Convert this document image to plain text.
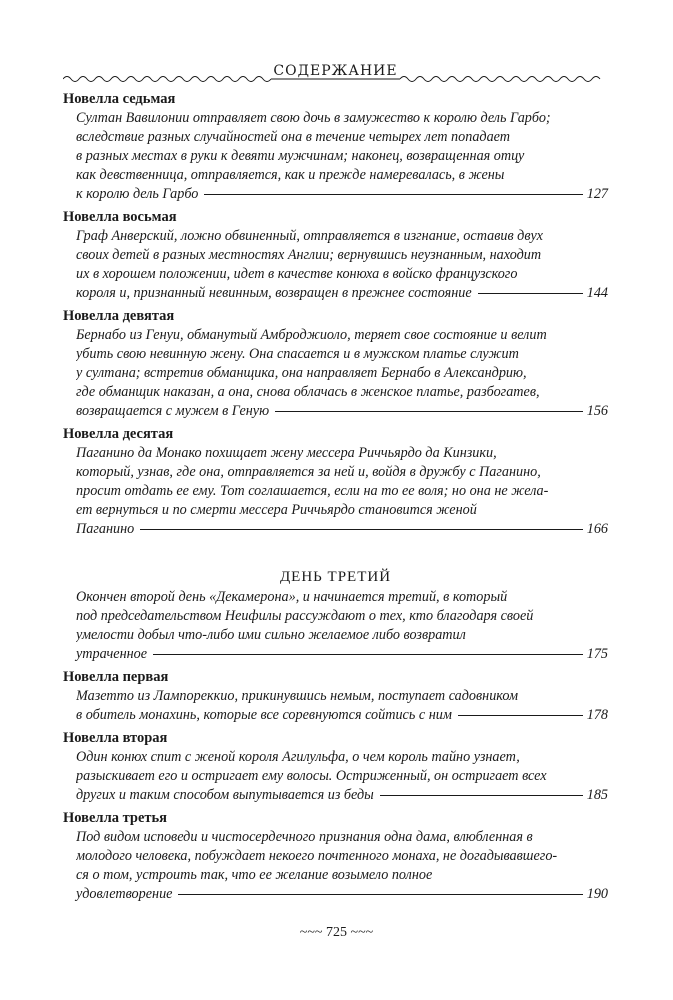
СОДЕРЖАНИЕ
Новелла седьмая
Султан Вавилонии отправляет свою дочь в замужество к королю дель Гарбо;
вследствие разных случайностей она в течение четырех лет попадает
в разных местах в руки к девяти мужчинам; наконец, возвращенная отцу
как девственница, отправляется, как и прежде намеревалась, в жены
к королю дель Гарбо	127
Новелла восьмая
Граф Анверский, ложно обвиненный, отправляется в изгнание, оставив двух
своих детей в разных местностях Англии; вернувшись неузнанным, находит
их в хорошем положении, идет в качестве конюха в войско французского
короля и, признанный невинным, возвращен в прежнее состояние	144
Новелла девятая
Бернабо из Генуи, обманутый Амброджиоло, теряет свое состояние и велит
убить свою невинную жену. Она спасается и в мужском платье служит
у султана; встретив обманщика, она направляет Бернабо в Александрию,
где обманщик наказан, а она, снова облачась в женское платье, разбогатев,
возвращается с мужем в Геную	156
Новелла десятая
Паганино да Монако похищает жену мессера Риччьярдо да Кинзики,
который, узнав, где она, отправляется за ней и, войдя в дружбу с Паганино,
просит отдать ее ему. Тот соглашается, если на то ее воля; но она не жела-
ет вернуться и по смерти мессера Риччьярдо становится женой
Паганино	166
ДЕНЬ ТРЕТИЙ
Окончен второй день «Декамерона», и начинается третий, в который
под председательством Неифилы рассуждают о тех, кто благодаря своей
умелости добыл что-либо ими сильно желаемое либо возвратил
утраченное	175
Новелла первая
Мазетто из Лампореккио, прикинувшись немым, поступает садовником
в обитель монахинь, которые все соревнуются сойтись с ним	178
Новелла вторая
Один конюх спит с женой короля Агилульфа, о чем король тайно узнает,
разыскивает его и остригает ему волосы. Остриженный, он остригает всех
других и таким способом выпутывается из беды	185
Новелла третья
Под видом исповеди и чистосердечного признания одна дама, влюбленная в
молодого человека, побуждает некоего почтенного монаха, не догадывавшего-
ся о том, устроить так, что ее желание возымело полное
удовлетворение	190
~~~ 725 ~~~
